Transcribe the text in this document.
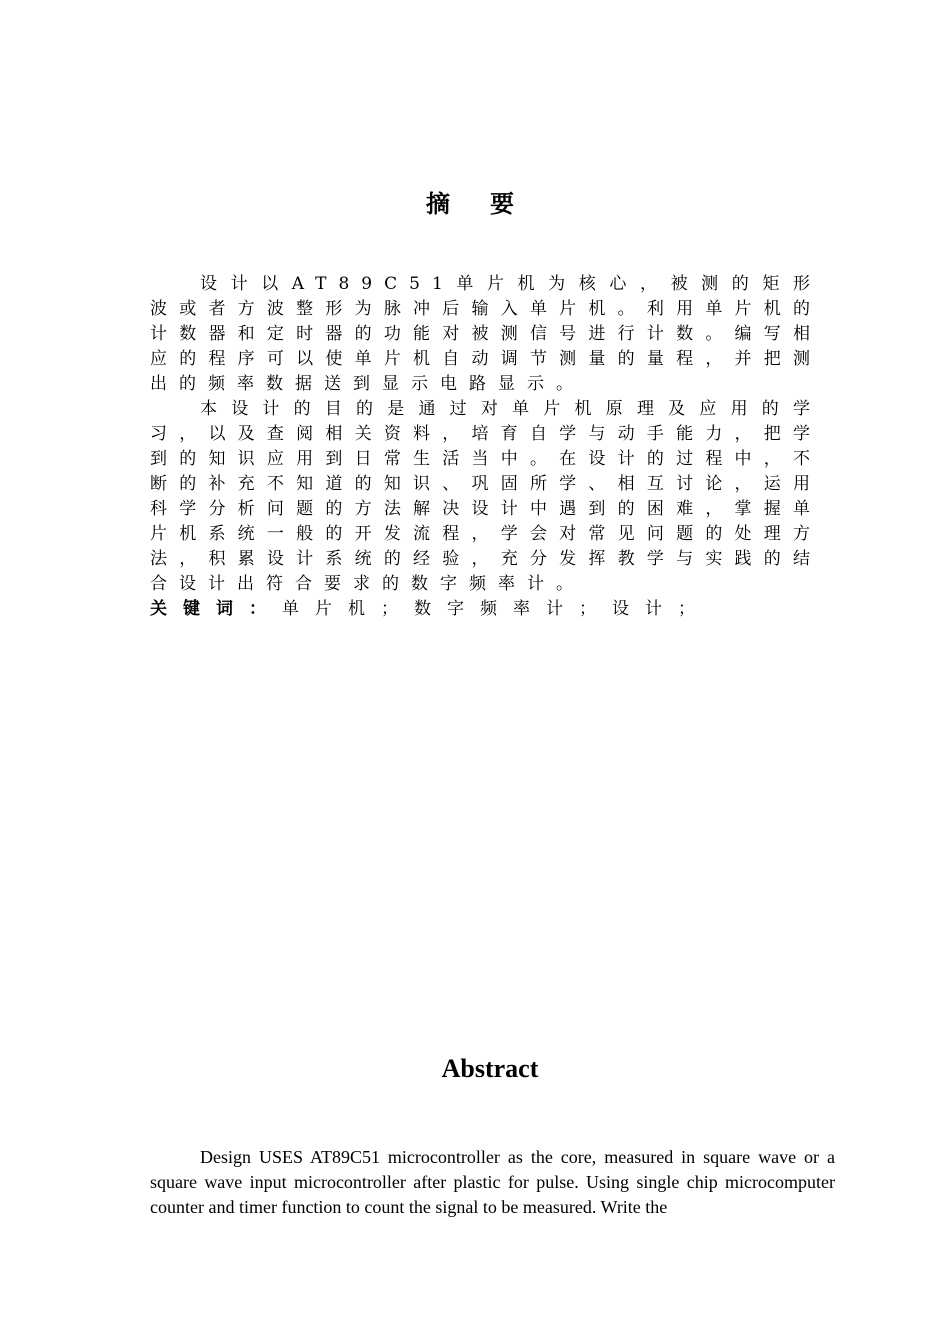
摘要

设计以AT89C51单片机为核心，被测的矩形波或者方波整形为脉冲后输入单片机。利用单片机的计数器和定时器的功能对被测信号进行计数。编写相应的程序可以使单片机自动调节测量的量程，并把测出的频率数据送到显示电路显示。

本设计的目的是通过对单片机原理及应用的学习，以及查阅相关资料，培育自学与动手能力，把学到的知识应用到日常生活当中。在设计的过程中，不断的补充不知道的知识、巩固所学、相互讨论，运用科学分析问题的方法解决设计中遇到的困难，掌握单片机系统一般的开发流程，学会对常见问题的处理方法，积累设计系统的经验，充分发挥教学与实践的结合设计出符合要求的数字频率计。

关键词：单片机；数字频率计；设计；
Abstract

Design USES AT89C51 microcontroller as the core, measured in square wave or a square wave input microcontroller after plastic for pulse. Using single chip microcomputer counter and timer function to count the signal to be measured. Write the
